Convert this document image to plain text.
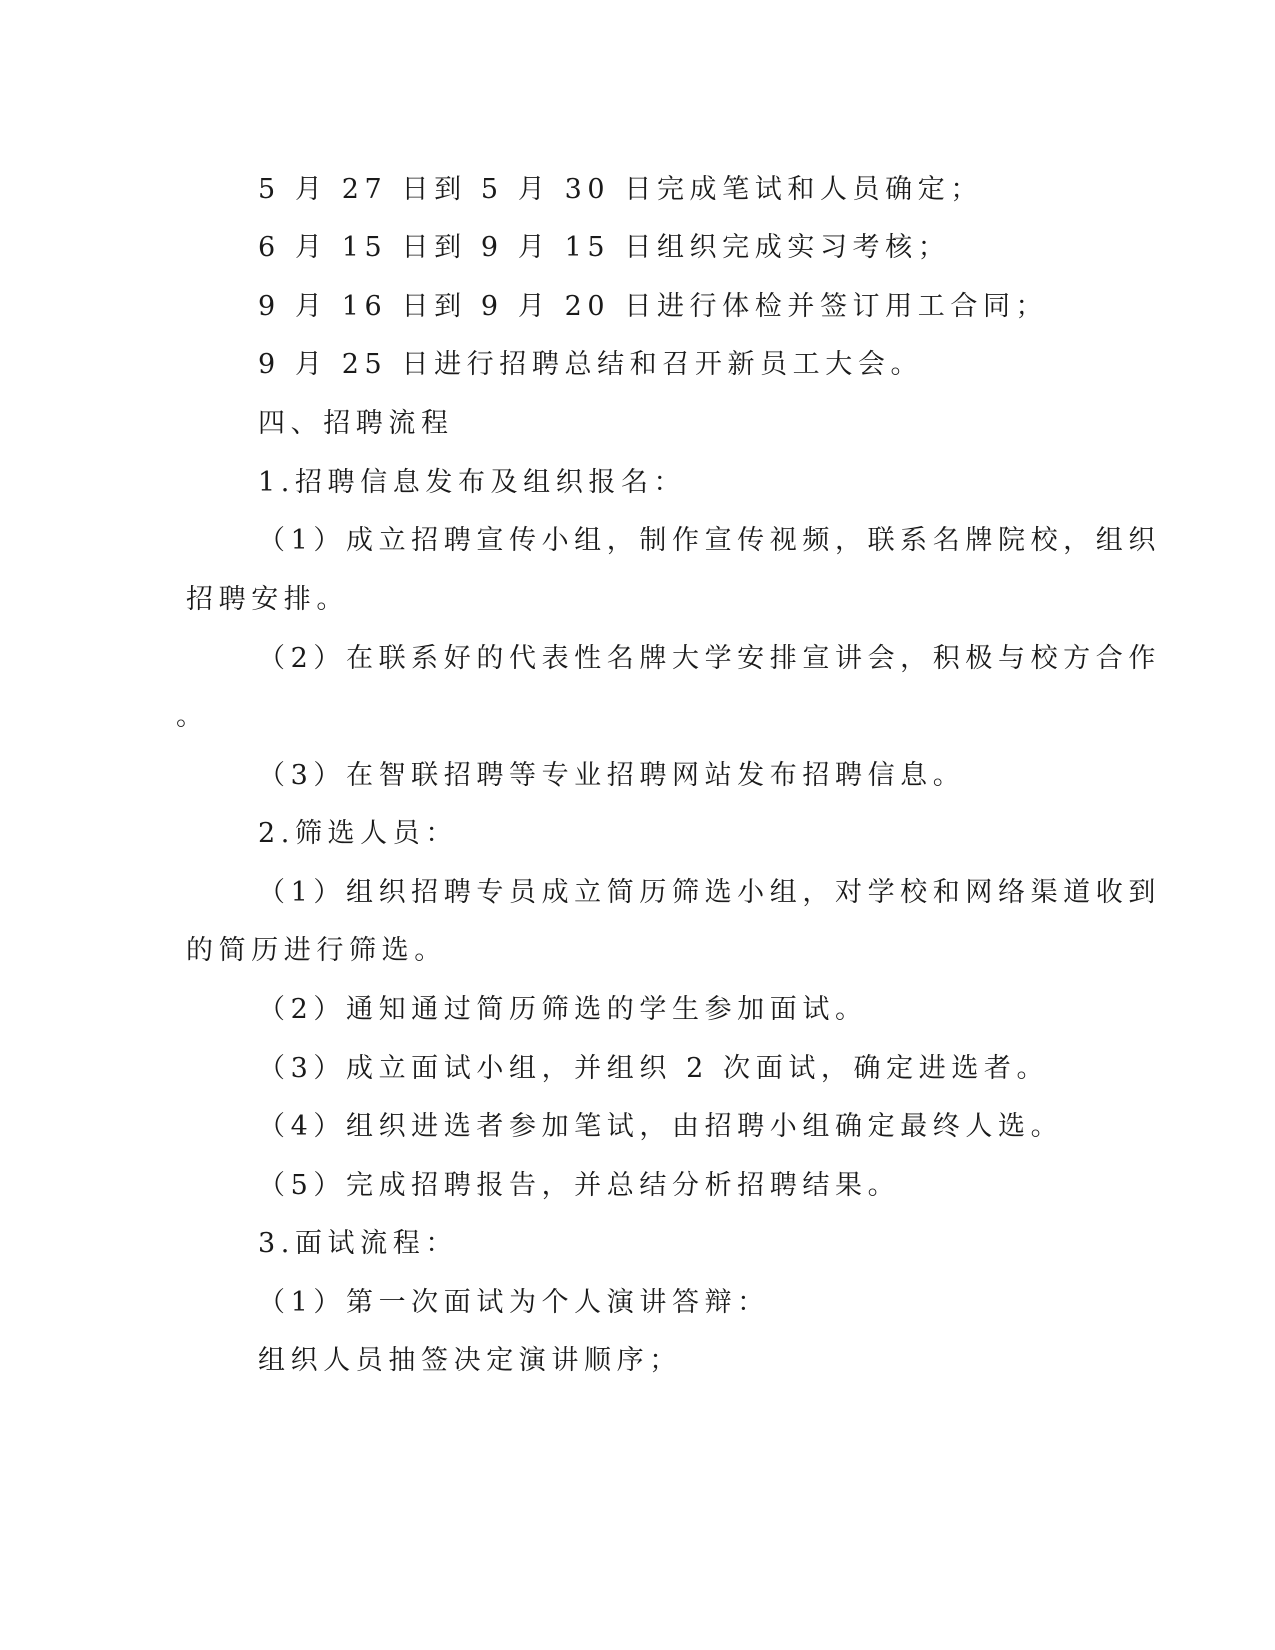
5 月 27 日到 5 月 30 日完成笔试和人员确定；
6 月 15 日到 9 月 15 日组织完成实习考核；
9 月 16 日到 9 月 20 日进行体检并签订用工合同；
9 月 25 日进行招聘总结和召开新员工大会。
四、招聘流程
1.招聘信息发布及组织报名：
（1）成立招聘宣传小组，制作宣传视频，联系名牌院校，组织
招聘安排。
（2）在联系好的代表性名牌大学安排宣讲会，积极与校方合作
。
（3）在智联招聘等专业招聘网站发布招聘信息。
2.筛选人员：
（1）组织招聘专员成立简历筛选小组，对学校和网络渠道收到
的简历进行筛选。
（2）通知通过简历筛选的学生参加面试。
（3）成立面试小组，并组织 2 次面试，确定进选者。
（4）组织进选者参加笔试，由招聘小组确定最终人选。
（5）完成招聘报告，并总结分析招聘结果。
3.面试流程：
（1）第一次面试为个人演讲答辩：
组织人员抽签决定演讲顺序；
